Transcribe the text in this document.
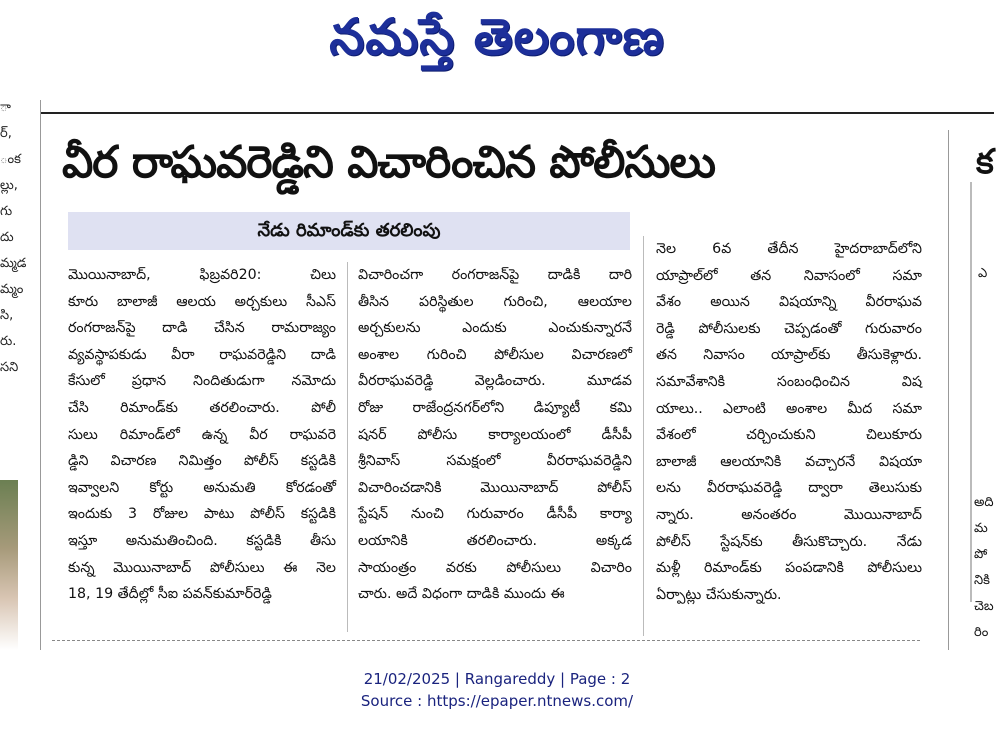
నమస్తే తెలంగాణ
ా
ర్,
ంక
ల్లు,
గు
దు
మ్మడ
మ్మం
సి,
రు.
సని
వీర రాఘవరెడ్డిని విచారించిన పోలీసులు
నేడు రిమాండ్‌కు తరలింపు
మొయినాబాద్, ఫిబ్రవరి20: చిలు
కూరు బాలాజీ ఆలయ అర్చకులు సీఎస్
రంగరాజన్‌పై దాడి చేసిన రామరాజ్యం
వ్యవస్థాపకుడు వీరా రాఘవరెడ్డిని దాడి
కేసులో ప్రధాన నిందితుడుగా నమోదు
చేసి రిమాండ్‌కు తరలించారు. పోలీ
సులు రిమాండ్‌లో ఉన్న వీర రాఘవరె
డ్డిని విచారణ నిమిత్తం పోలీస్ కస్టడికి
ఇవ్వాలని కోర్టు అనుమతి కోరడంతో
ఇందుకు 3 రోజుల పాటు పోలీస్ కస్టడికి
ఇస్తూ అనుమతించింది. కస్టడికి తీసు
కున్న మొయినాబాద్ పోలీసులు ఈ నెల
18, 19 తేదీల్లో సీఐ పవన్‌కుమార్‌రెడ్డి
విచారించగా రంగరాజన్‌పై దాడికి దారి
తీసిన పరిస్థితుల గురించి, ఆలయాల
అర్చకులను ఎందుకు ఎంచుకున్నారనే
అంశాల గురించి పోలీసుల విచారణలో
వీరరాఘవరెడ్డి వెల్లడించారు. మూడవ
రోజు రాజేంద్రనగర్‌లోని డిప్యూటీ కమి
షనర్ పోలీసు కార్యాలయంలో డీసీపీ
శ్రీనివాస్ సమక్షంలో వీరరాఘవరెడ్డిని
విచారించడానికి మొయినాబాద్ పోలీస్
స్టేషన్ నుంచి గురువారం డీసీపీ కార్యా
లయానికి తరలించారు. అక్కడ
సాయంత్రం వరకు పోలీసులు విచారిం
చారు. అదే విధంగా దాడికి ముందు ఈ
నెల 6వ తేదీన హైదరాబాద్‌లోని
యాప్రాల్‌లో తన నివాసంలో సమా
వేశం అయిన విషయాన్ని వీరరాఘవ
రెడ్డి పోలీసులకు చెప్పడంతో గురువారం
తన నివాసం యాప్రాల్‌కు తీసుకెళ్లారు.
సమావేశానికి సంబంధించిన విష
యాలు.. ఎలాంటి అంశాల మీద సమా
వేశంలో చర్చించుకుని చిలుకూరు
బాలాజీ ఆలయానికి వచ్చారనే విషయా
లను వీరరాఘవరెడ్డి ద్వారా తెలుసుకు
న్నారు. అనంతరం మొయినాబాద్
పోలీస్ స్టేషన్‌కు తీసుకొచ్చారు. నేడు
మళ్లీ రిమాండ్‌కు పంపడానికి పోలీసులు
ఏర్పాట్లు చేసుకున్నారు.
క
ఎ
అది
మ
పో
నికి
చెబ
రిం
21/02/2025 | Rangareddy | Page : 2
Source : https://epaper.ntnews.com/
